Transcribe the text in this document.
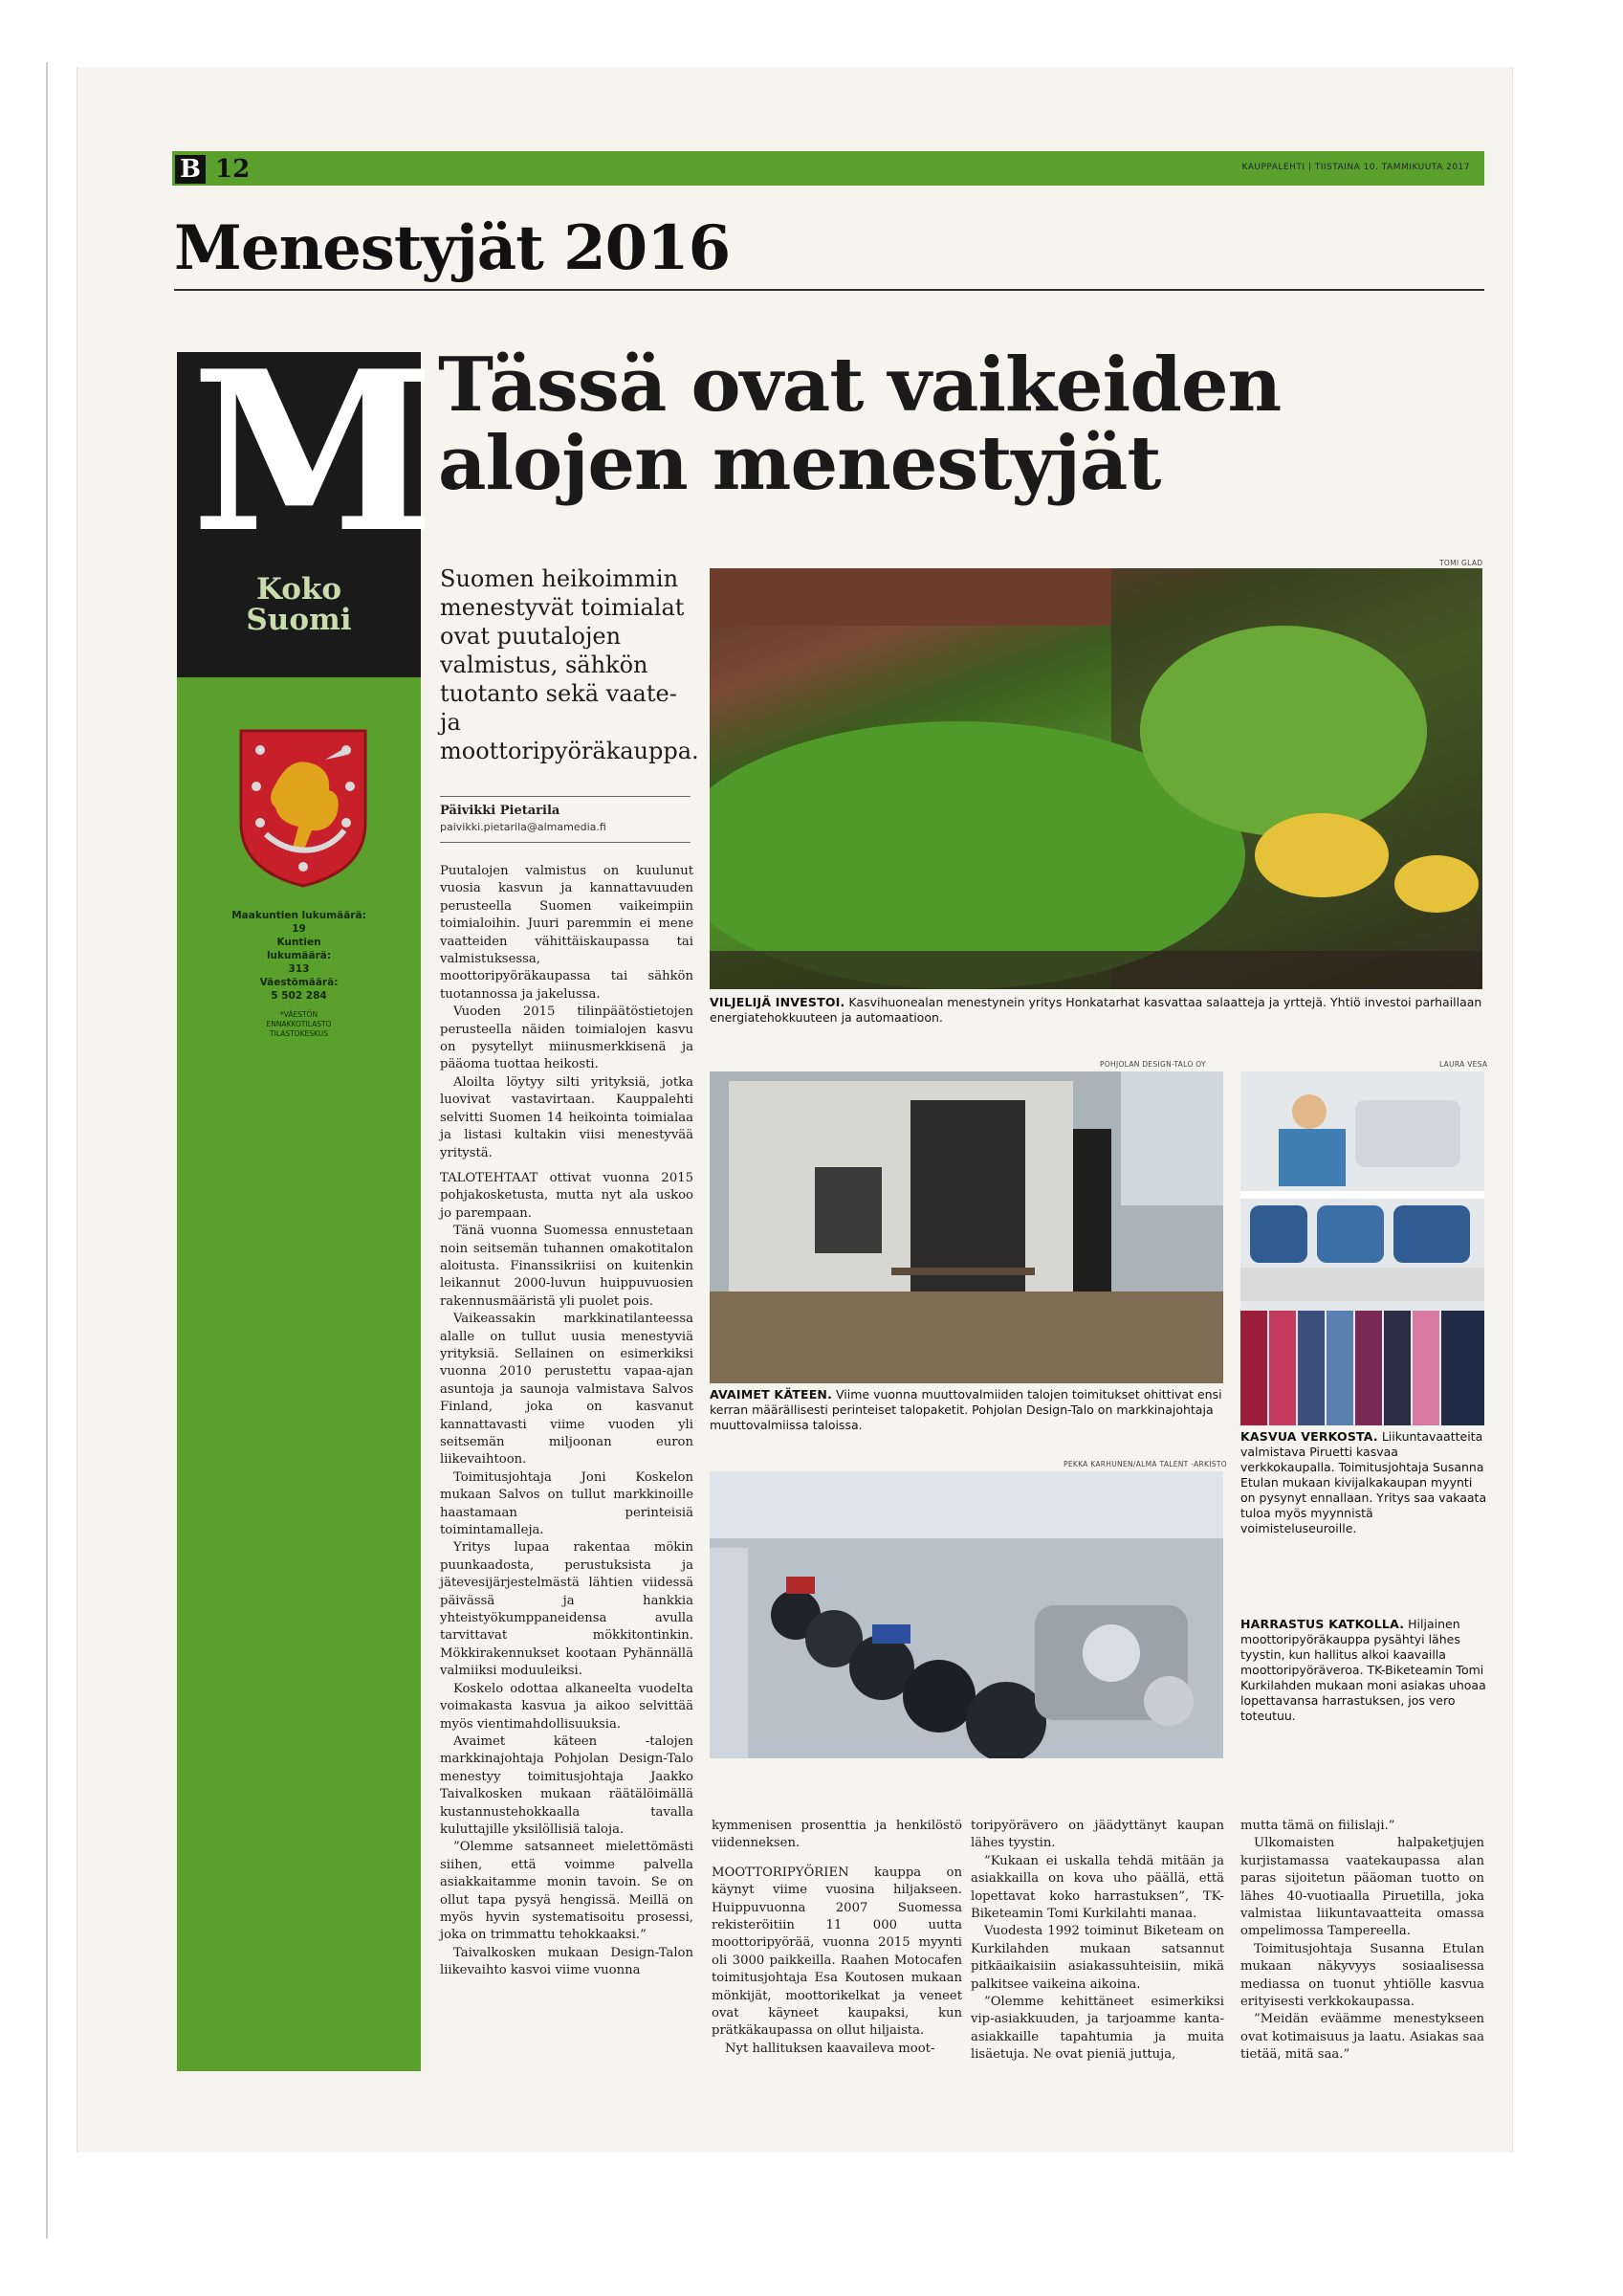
B 12	KAUPPALEHTI | TIISTAINA 10. TAMMIKUUTA 2017
Menestyjät 2016
M
Koko
Suomi
Maakuntien lukumäärä:
19
Kuntien
lukumäärä:
313
Väestömäärä:
5 502 284
*VÄESTÖN
ENNAKKOTILASTO
TILASTOKESKUS
Tässä ovat vaikeiden
alojen menestyjät
Suomen heikoimmin menestyvät toimialat ovat puutalojen valmistus, sähkön tuotanto sekä vaate- ja moottoripyöräkauppa.
Päivikki Pietarila
paivikki.pietarila@almamedia.fi

Puutalojen valmistus on kuulunut vuosia kasvun ja kannattavuuden perusteella Suomen vaikeimpiin toimialoihin. Juuri paremmin ei mene vaatteiden vähittäiskaupassa tai valmistuksessa, moottoripyöräkaupassa tai sähkön tuotannossa ja jakelussa.

Vuoden 2015 tilinpäätöstietojen perusteella näiden toimialojen kasvu on pysytellyt miinusmerkkisenä ja pääoma tuottaa heikosti.

Aloilta löytyy silti yrityksiä, jotka luovivat vastavirtaan. Kauppalehti selvitti Suomen 14 heikointa toimialaa ja listasi kultakin viisi menestyvää yritystä.

TALOTEHTAAT ottivat vuonna 2015 pohjakosketusta, mutta nyt ala uskoo jo parempaan.

Tänä vuonna Suomessa ennustetaan noin seitsemän tuhannen omakotitalon aloitusta. Finanssikriisi on kuitenkin leikannut 2000-luvun huippuvuosien rakennusmääristä yli puolet pois.

Vaikeassakin markkinatilanteessa alalle on tullut uusia menestyviä yrityksiä. Sellainen on esimerkiksi vuonna 2010 perustettu vapaa-ajan asuntoja ja saunoja valmistava Salvos Finland, joka on kasvanut kannattavasti viime vuoden yli seitsemän miljoonan euron liikevaihtoon.

Toimitusjohtaja Joni Koskelon mukaan Salvos on tullut markkinoille haastamaan perinteisiä toimintamalleja.

Yritys lupaa rakentaa mökin puunkaadosta, perustuksista ja jätevesijärjestelmästä lähtien viidessä päivässä ja hankkia yhteistyökumppaneidensa avulla tarvittavat mökkitontinkin. Mökkirakennukset kootaan Pyhännällä valmiiksi moduuleiksi.

Koskelo odottaa alkaneelta vuodelta voimakasta kasvua ja aikoo selvittää myös vientimahdollisuuksia.

Avaimet käteen -talojen markkinajohtaja Pohjolan Design-Talo menestyy toimitusjohtaja Jaakko Taivalkosken mukaan räätälöimällä kustannustehokkaalla tavalla kuluttajille yksilöllisiä taloja.

”Olemme satsanneet mielettömästi siihen, että voimme palvella asiakkaitamme monin tavoin. Se on ollut tapa pysyä hengissä. Meillä on myös hyvin systematisoitu prosessi, joka on trimmattu tehokkaaksi.”

Taivalkosken mukaan Design-Talon liikevaihto kasvoi viime vuonna

TOMI GLAD
VILJELIJÄ INVESTOI. Kasvihuonealan menestynein yritys Honkatarhat kasvattaa salaatteja ja yrttejä. Yhtiö investoi parhaillaan energiatehokkuuteen ja automaatioon.
POHJOLAN DESIGN-TALO OY
AVAIMET KÄTEEN. Viime vuonna muuttovalmiiden talojen toimitukset ohittivat ensi kerran määrällisesti perinteiset talopaketit. Pohjolan Design-Talo on markkinajohtaja muuttovalmiissa taloissa.
LAURA VESA
KASVUA VERKOSTA. Liikuntavaatteita valmistava Piruetti kasvaa verkkokaupalla. Toimitusjohtaja Susanna Etulan mukaan kivijalkakaupan myynti on pysynyt ennallaan. Yritys saa vakaata tuloa myös myynnistä voimisteluseuroille.
PEKKA KARHUNEN/ALMA TALENT -ARKISTO
HARRASTUS KATKOLLA. Hiljainen moottoripyöräkauppa pysähtyi lähes tyystin, kun hallitus alkoi kaavailla moottoripyöräveroa. TK-Biketeamin Tomi Kurkilahden mukaan moni asiakas uhoaa lopettavansa harrastuksen, jos vero toteutuu.

kymmenisen prosenttia ja henkilöstö viidenneksen.

MOOTTORIPYÖRIEN kauppa on käynyt viime vuosina hiljakseen. Huippuvuonna 2007 Suomessa rekisteröitiin 11 000 uutta moottoripyörää, vuonna 2015 myynti oli 3000 paikkeilla. Raahen Motocafen toimitusjohtaja Esa Koutosen mukaan mönkijät, moottorikelkat ja veneet ovat käyneet kaupaksi, kun prätkäkaupassa on ollut hiljaista.

Nyt hallituksen kaavaileva moot-

toripyörävero on jäädyttänyt kaupan lähes tyystin.

”Kukaan ei uskalla tehdä mitään ja asiakkailla on kova uho päällä, että lopettavat koko harrastuksen”, TK-Biketeamin Tomi Kurkilahti manaa.

Vuodesta 1992 toiminut Biketeam on Kurkilahden mukaan satsannut pitkäaikaisiin asiakassuhteisiin, mikä palkitsee vaikeina aikoina.

”Olemme kehittäneet esimerkiksi vip-asiakkuuden, ja tarjoamme kanta-asiakkaille tapahtumia ja muita lisäetuja. Ne ovat pieniä juttuja,

mutta tämä on fiilislaji.”

Ulkomaisten halpaketjujen kurjistamassa vaatekaupassa alan paras sijoitetun pääoman tuotto on lähes 40-vuotiaalla Piruetilla, joka valmistaa liikuntavaatteita omassa ompelimossa Tampereella.

Toimitusjohtaja Susanna Etulan mukaan näkyvyys sosiaalisessa mediassa on tuonut yhtiölle kasvua erityisesti verkkokaupassa.

”Meidän eväämme menestykseen ovat kotimaisuus ja laatu. Asiakas saa tietää, mitä saa.”
